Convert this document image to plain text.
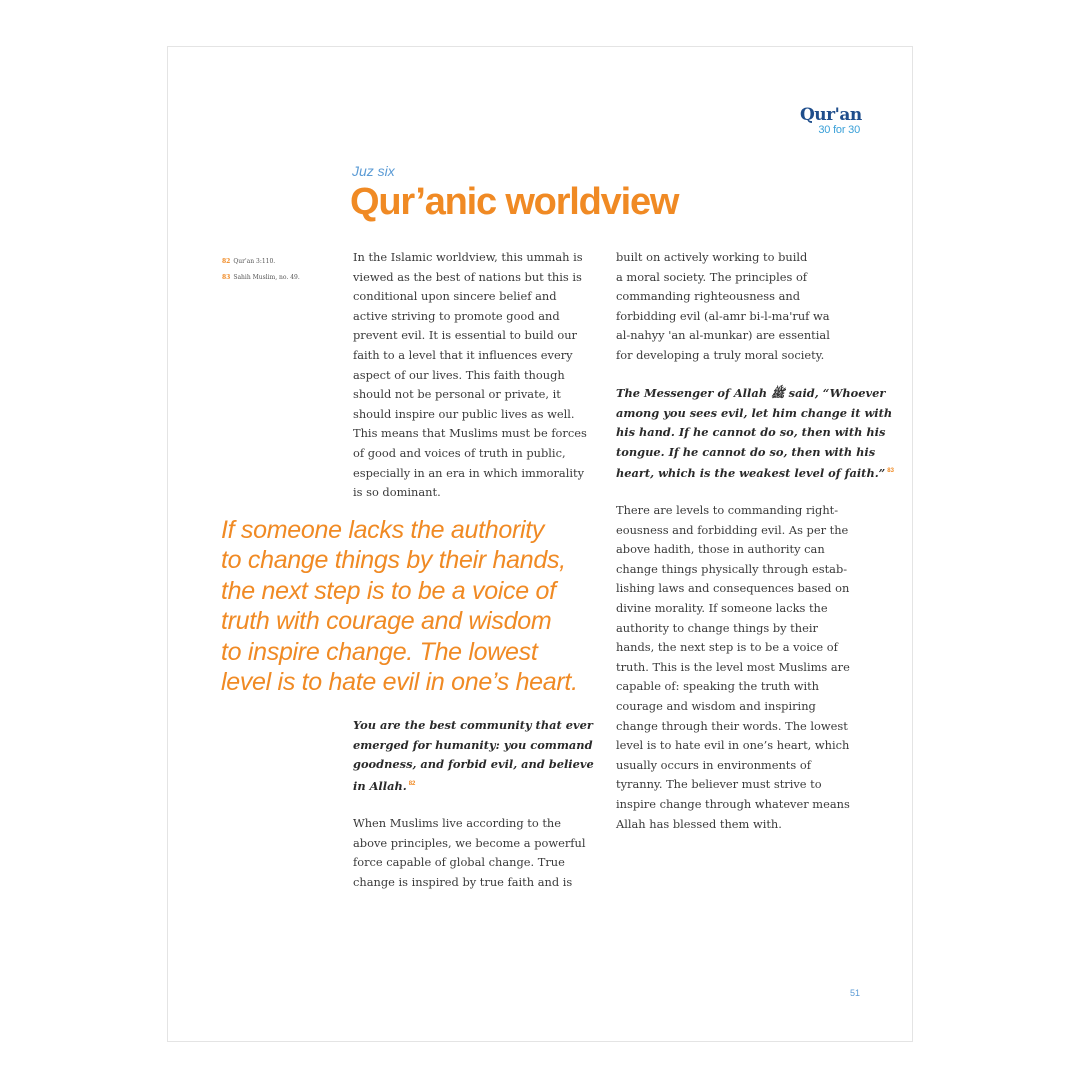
Qur'an
30 for 30
Juz six
Qur’anic worldview
82 Qur'an 3:110.
83 Sahih Muslim, no. 49.
In the Islamic worldview, this ummah is
viewed as the best of nations but this is
conditional upon sincere belief and
active striving to promote good and
prevent evil. It is essential to build our
faith to a level that it influences every
aspect of our lives. This faith though
should not be personal or private, it
should inspire our public lives as well.
This means that Muslims must be forces
of good and voices of truth in public,
especially in an era in which immorality
is so dominant.
If someone lacks the authority
to change things by their hands,
the next step is to be a voice of
truth with courage and wisdom
to inspire change. The lowest
level is to hate evil in one’s heart.
You are the best community that ever
emerged for humanity: you command
goodness, and forbid evil, and believe
in Allah. $^{82}$
When Muslims live according to the
above principles, we become a powerful
force capable of global change. True
change is inspired by true faith and is
built on actively working to build
a moral society. The principles of
commanding righteousness and
forbidding evil (al-amr bi-l-ma'ruf wa
al-nahyy 'an al-munkar) are essential
for developing a truly moral society.
The Messenger of Allah ﷺ said, “Whoever
among you sees evil, let him change it with
his hand. If he cannot do so, then with his
tongue. If he cannot do so, then with his
heart, which is the weakest level of faith.” $^{83}$
There are levels to commanding right-
eousness and forbidding evil. As per the
above hadith, those in authority can
change things physically through estab-
lishing laws and consequences based on
divine morality. If someone lacks the
authority to change things by their
hands, the next step is to be a voice of
truth. This is the level most Muslims are
capable of: speaking the truth with
courage and wisdom and inspiring
change through their words. The lowest
level is to hate evil in one’s heart, which
usually occurs in environments of
tyranny. The believer must strive to
inspire change through whatever means
Allah has blessed them with.
51
